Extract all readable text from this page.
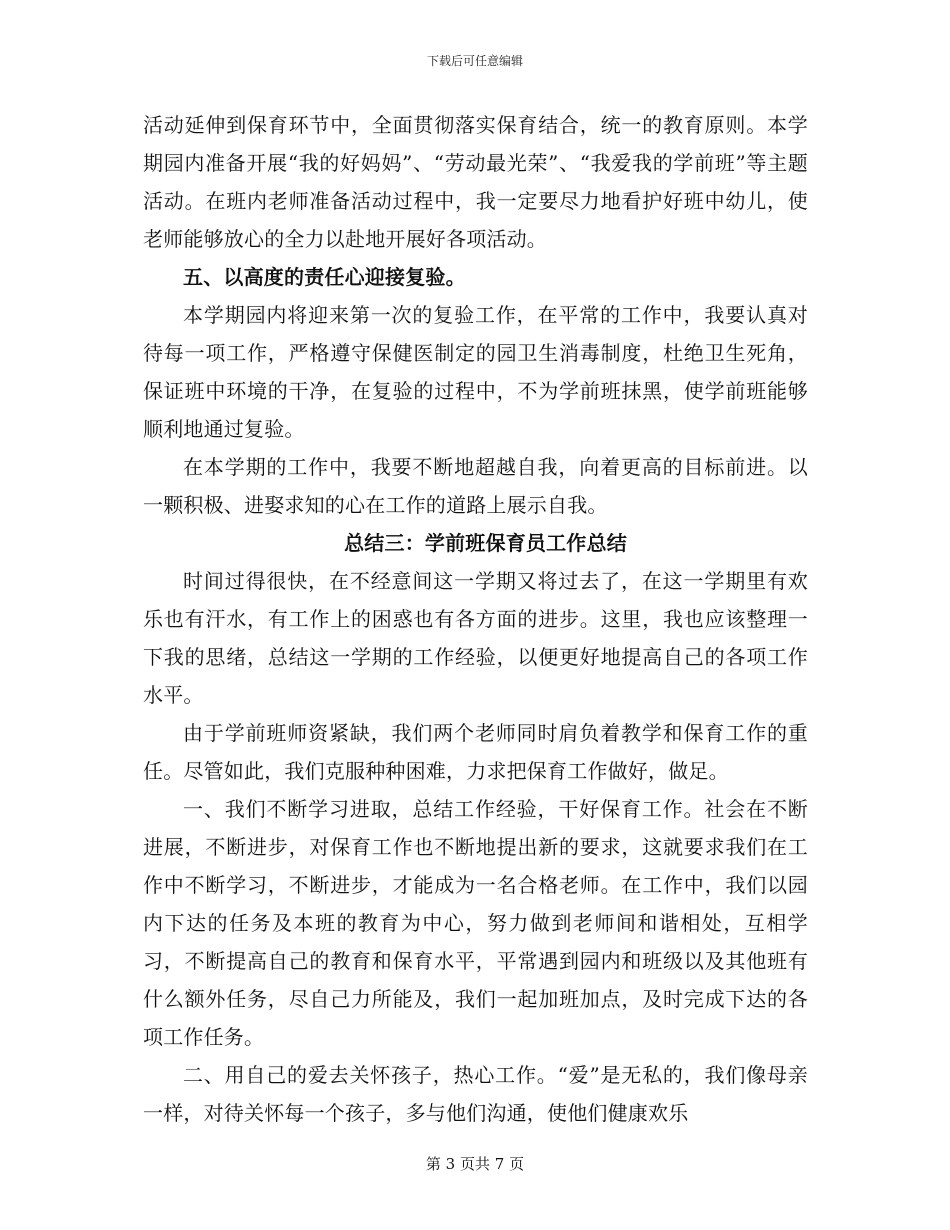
下载后可任意编辑

活动延伸到保育环节中，全面贯彻落实保育结合，统一的教育原则。本学期园内准备开展“我的好妈妈”、“劳动最光荣”、“我爱我的学前班”等主题活动。在班内老师准备活动过程中，我一定要尽力地看护好班中幼儿，使老师能够放心的全力以赴地开展好各项活动。

五、以高度的责任心迎接复验。

本学期园内将迎来第一次的复验工作，在平常的工作中，我要认真对待每一项工作，严格遵守保健医制定的园卫生消毒制度，杜绝卫生死角，保证班中环境的干净，在复验的过程中，不为学前班抹黑，使学前班能够顺利地通过复验。

在本学期的工作中，我要不断地超越自我，向着更高的目标前进。以一颗积极、进娶求知的心在工作的道路上展示自我。

总结三：学前班保育员工作总结

时间过得很快，在不经意间这一学期又将过去了，在这一学期里有欢乐也有汗水，有工作上的困惑也有各方面的进步。这里，我也应该整理一下我的思绪，总结这一学期的工作经验，以便更好地提高自己的各项工作水平。

由于学前班师资紧缺，我们两个老师同时肩负着教学和保育工作的重任。尽管如此，我们克服种种困难，力求把保育工作做好，做足。

一、我们不断学习进取，总结工作经验，干好保育工作。社会在不断进展，不断进步，对保育工作也不断地提出新的要求，这就要求我们在工作中不断学习，不断进步，才能成为一名合格老师。在工作中，我们以园内下达的任务及本班的教育为中心，努力做到老师间和谐相处，互相学习，不断提高自己的教育和保育水平，平常遇到园内和班级以及其他班有什么额外任务，尽自己力所能及，我们一起加班加点，及时完成下达的各项工作任务。

二、用自己的爱去关怀孩子，热心工作。“爱”是无私的，我们像母亲一样，对待关怀每一个孩子，多与他们沟通，使他们健康欢乐

第 3 页共 7 页
